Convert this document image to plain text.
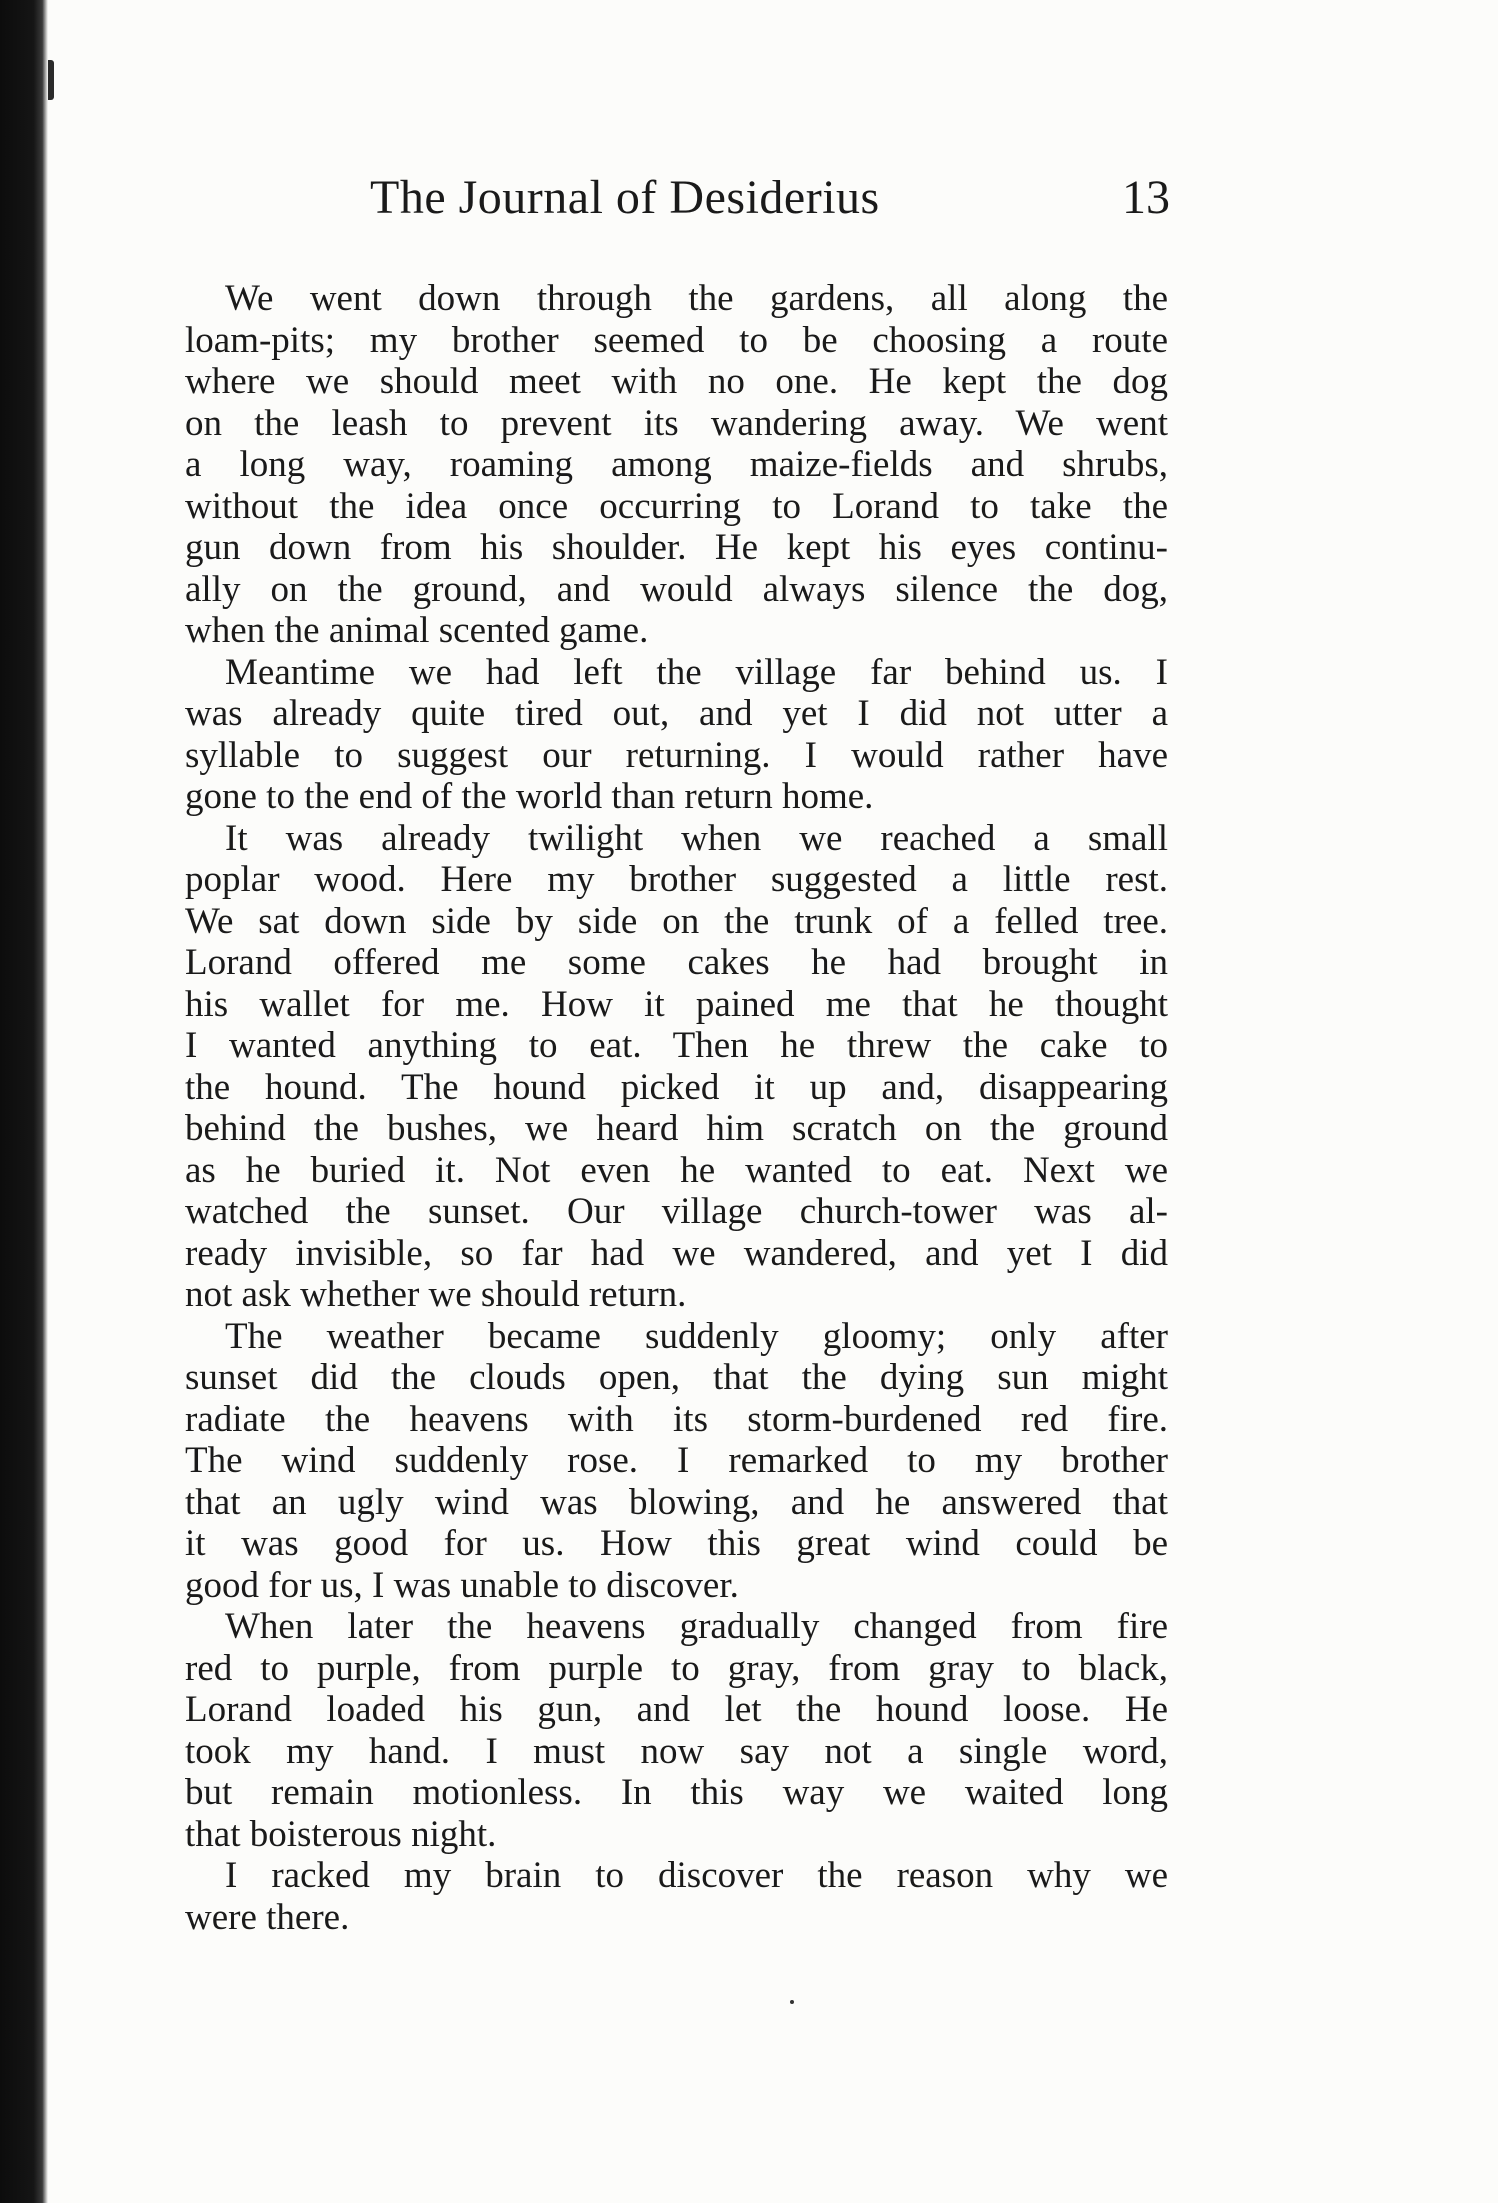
The Journal of Desiderius	13
We went down through the gardens, all along the
loam-pits; my brother seemed to be choosing a route
where we should meet with no one. He kept the dog
on the leash to prevent its wandering away. We went
a long way, roaming among maize-fields and shrubs,
without the idea once occurring to Lorand to take the
gun down from his shoulder. He kept his eyes continu-
ally on the ground, and would always silence the dog,
when the animal scented game.
Meantime we had left the village far behind us. I
was already quite tired out, and yet I did not utter a
syllable to suggest our returning. I would rather have
gone to the end of the world than return home.
It was already twilight when we reached a small
poplar wood. Here my brother suggested a little rest.
We sat down side by side on the trunk of a felled tree.
Lorand offered me some cakes he had brought in
his wallet for me. How it pained me that he thought
I wanted anything to eat. Then he threw the cake to
the hound. The hound picked it up and, disappearing
behind the bushes, we heard him scratch on the ground
as he buried it. Not even he wanted to eat. Next we
watched the sunset. Our village church-tower was al-
ready invisible, so far had we wandered, and yet I did
not ask whether we should return.
The weather became suddenly gloomy; only after
sunset did the clouds open, that the dying sun might
radiate the heavens with its storm-burdened red fire.
The wind suddenly rose. I remarked to my brother
that an ugly wind was blowing, and he answered that
it was good for us. How this great wind could be
good for us, I was unable to discover.
When later the heavens gradually changed from fire
red to purple, from purple to gray, from gray to black,
Lorand loaded his gun, and let the hound loose. He
took my hand. I must now say not a single word,
but remain motionless. In this way we waited long
that boisterous night.
I racked my brain to discover the reason why we
were there.
